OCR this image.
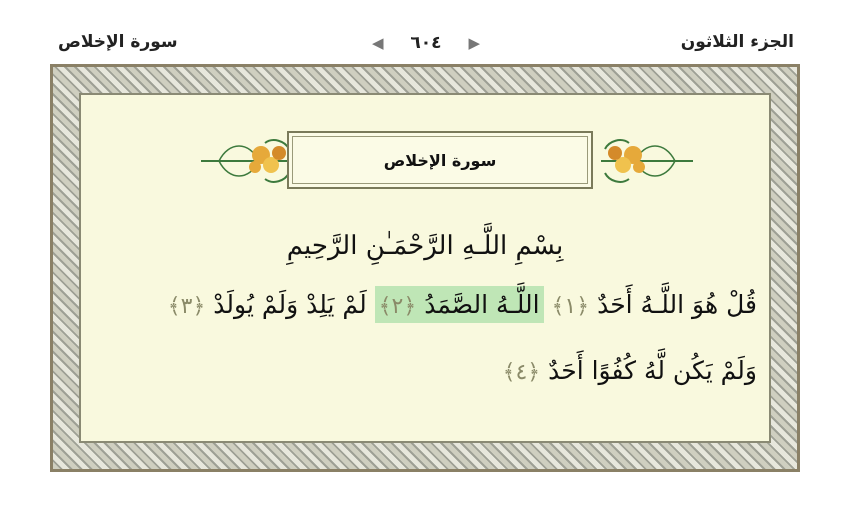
الجزء الثلاثون
◀ ٦٠٤ ▶
سورة الإخلاص
سورة الإخلاص
بِسْمِ اللَّـهِ الرَّحْمَـٰنِ الرَّحِيمِ
قُلْ هُوَ اللَّـهُ أَحَدٌ ﴿١﴾ اللَّـهُ الصَّمَدُ ﴿٢﴾ لَمْ يَلِدْ وَلَمْ يُولَدْ ﴿٣﴾
وَلَمْ يَكُن لَّهُ كُفُوًا أَحَدٌ ﴿٤﴾
